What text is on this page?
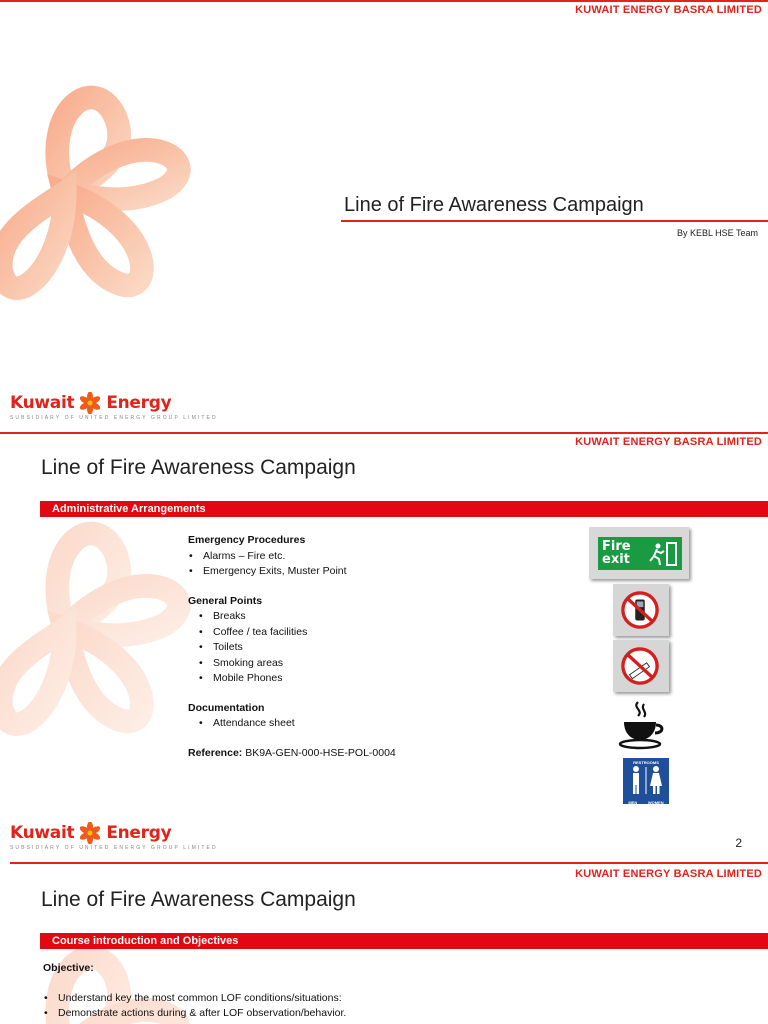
KUWAIT ENERGY BASRA LIMITED
Line of Fire Awareness Campaign
By KEBL HSE Team
Kuwait Energy
SUBSIDIARY OF UNITED ENERGY GROUP LIMITED
KUWAIT ENERGY BASRA LIMITED
Line of Fire Awareness Campaign
Administrative Arrangements
Emergency Procedures
• Alarms – Fire etc.
• Emergency Exits, Muster Point
General Points
• Breaks
• Coffee / tea facilities
• Toilets
• Smoking areas
• Mobile Phones
Documentation
• Attendance sheet
Reference: BK9A-GEN-000-HSE-POL-0004
Fire
exit
RESTROOMS
MEN	WOMEN
Kuwait Energy
SUBSIDIARY OF UNITED ENERGY GROUP LIMITED	2
KUWAIT ENERGY BASRA LIMITED
Line of Fire Awareness Campaign
Course introduction and Objectives
Objective:
• Understand key the most common LOF conditions/situations:
• Demonstrate actions during & after LOF observation/behavior.
